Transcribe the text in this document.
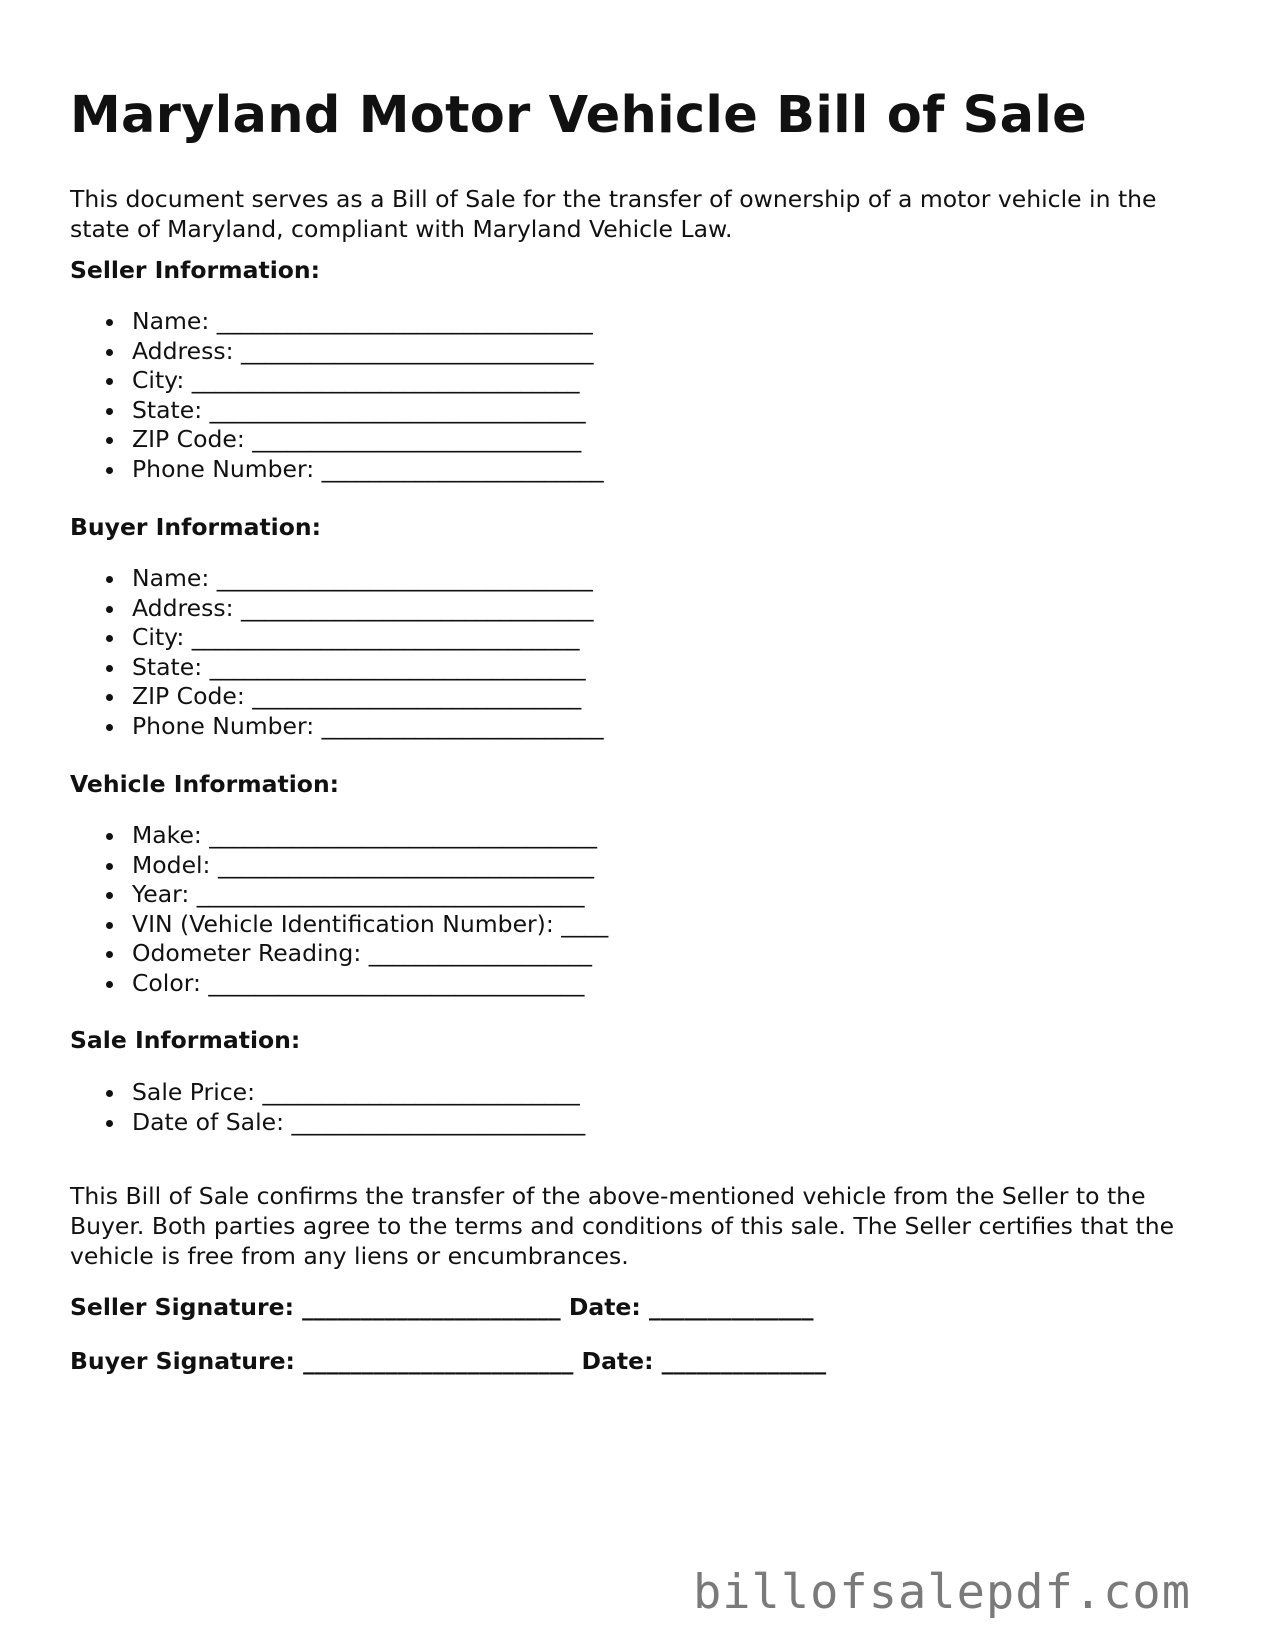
Maryland Motor Vehicle Bill of Sale

This document serves as a Bill of Sale for the transfer of ownership of a motor vehicle in the state of Maryland, compliant with Maryland Vehicle Law.

Seller Information:
Name: ________________________________
Address: ______________________________
City: _________________________________
State: ________________________________
ZIP Code: ____________________________
Phone Number: ________________________
Buyer Information:
Name: ________________________________
Address: ______________________________
City: _________________________________
State: ________________________________
ZIP Code: ____________________________
Phone Number: ________________________
Vehicle Information:
Make: _________________________________
Model: ________________________________
Year: _________________________________
VIN (Vehicle Identification Number): ____
Odometer Reading: ___________________
Color: ________________________________
Sale Information:
Sale Price: ___________________________
Date of Sale: _________________________

This Bill of Sale confirms the transfer of the above-mentioned vehicle from the Seller to the Buyer. Both parties agree to the terms and conditions of this sale. The Seller certifies that the vehicle is free from any liens or encumbrances.

Seller Signature: ______________________ Date: ______________

Buyer Signature: _______________________ Date: ______________

billofsalepdf.com
